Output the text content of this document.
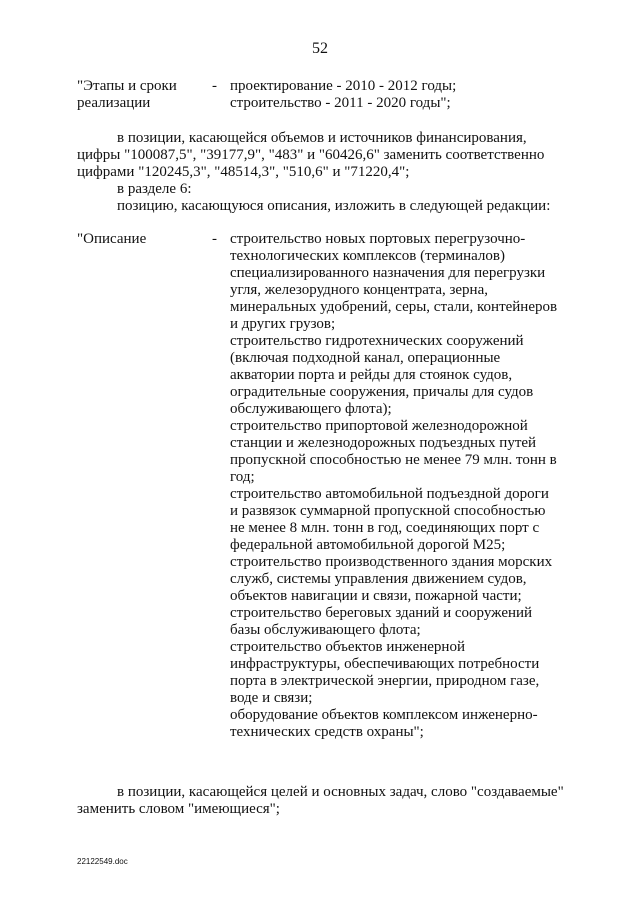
52
"Этапы и сроки
реализации
- проектирование - 2010 - 2012 годы;
строительство - 2011 - 2020 годы";
в позиции, касающейся объемов и источников финансирования,
цифры "100087,5", "39177,9", "483" и "60426,6" заменить соответственно
цифрами "120245,3", "48514,3", "510,6" и "71220,4";
в разделе 6:
позицию, касающуюся описания, изложить в следующей редакции:
"Описание	- строительство новых портовых перегрузочно-
технологических комплексов (терминалов)
специализированного назначения для перегрузки
угля, железорудного концентрата, зерна,
минеральных удобрений, серы, стали, контейнеров
и других грузов;
строительство гидротехнических сооружений
(включая подходной канал, операционные
акватории порта и рейды для стоянок судов,
оградительные сооружения, причалы для судов
обслуживающего флота);
строительство припортовой железнодорожной
станции и железнодорожных подъездных путей
пропускной способностью не менее 79 млн. тонн в
год;
строительство автомобильной подъездной дороги
и развязок суммарной пропускной способностью
не менее 8 млн. тонн в год, соединяющих порт с
федеральной автомобильной дорогой М25;
строительство производственного здания морских
служб, системы управления движением судов,
объектов навигации и связи, пожарной части;
строительство береговых зданий и сооружений
базы обслуживающего флота;
строительство объектов инженерной
инфраструктуры, обеспечивающих потребности
порта в электрической энергии, природном газе,
воде и связи;
оборудование объектов комплексом инженерно-
технических средств охраны";
в позиции, касающейся целей и основных задач, слово "создаваемые"
заменить словом "имеющиеся";
22122549.doc
